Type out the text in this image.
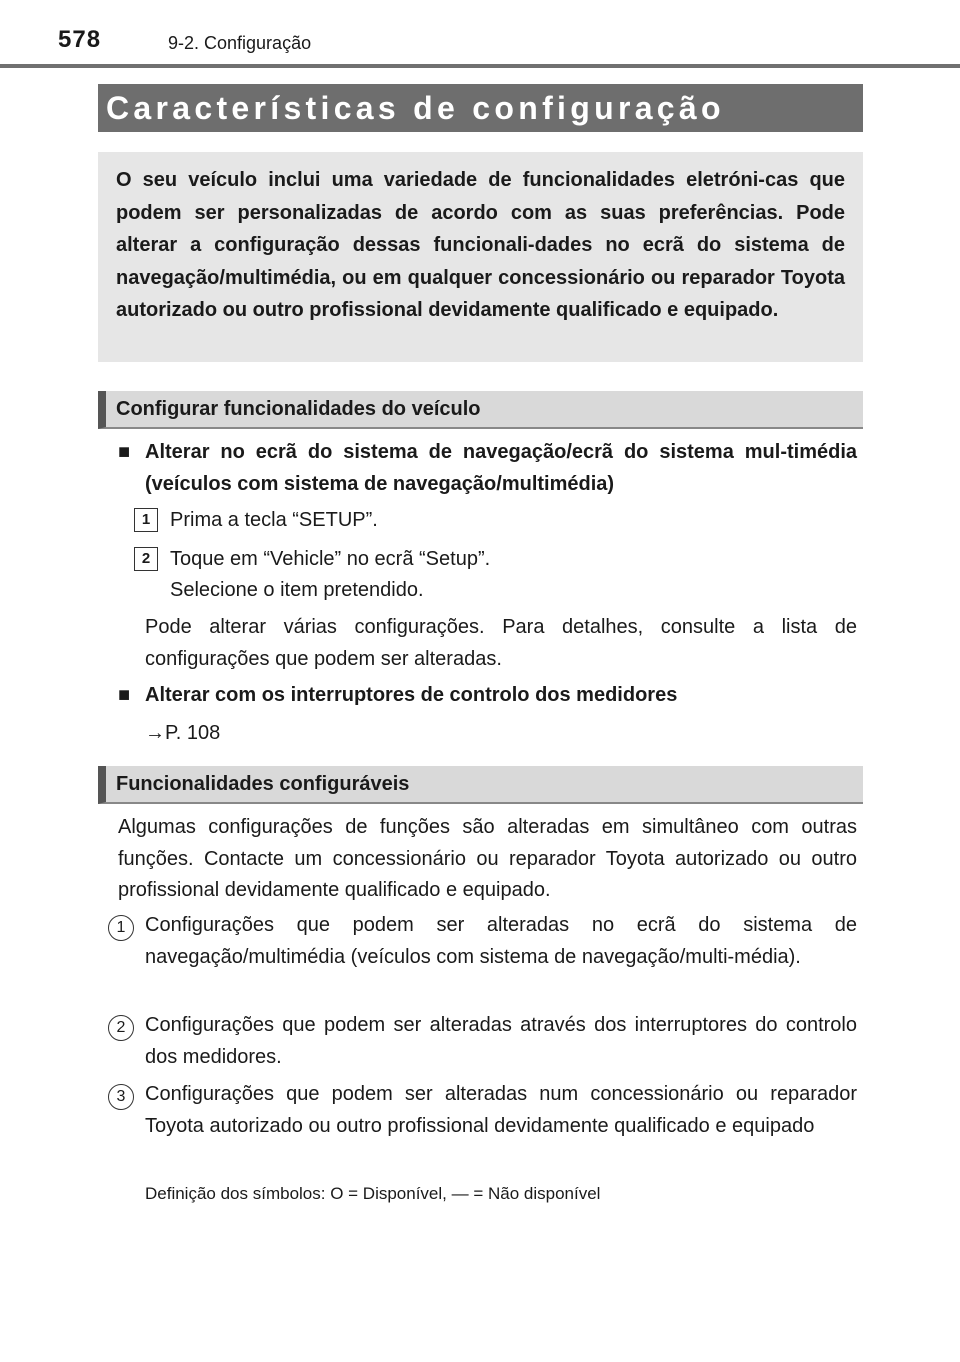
578	9-2. Configuração
Características de configuração

O seu veículo inclui uma variedade de funcionalidades eletróni-cas que podem ser personalizadas de acordo com as suas preferências. Pode alterar a configuração dessas funcionali-dades no ecrã do sistema de navegação/multimédia, ou em qualquer concessionário ou reparador Toyota autorizado ou outro profissional devidamente qualificado e equipado.

Configurar funcionalidades do veículo
■ Alterar no ecrã do sistema de navegação/ecrã do sistema mul-timédia (veículos com sistema de navegação/multimédia)

1 Prima a tecla “SETUP”.

2 Toque em “Vehicle” no ecrã “Setup”.

Selecione o item pretendido.

Pode alterar várias configurações. Para detalhes, consulte a lista de configurações que podem ser alteradas.

■ Alterar com os interruptores de controlo dos medidores

→P. 108

Funcionalidades configuráveis

Algumas configurações de funções são alteradas em simultâneo com outras funções. Contacte um concessionário ou reparador Toyota autorizado ou outro profissional devidamente qualificado e equipado.

1 Configurações que podem ser alteradas no ecrã do sistema de navegação/multimédia (veículos com sistema de navegação/multi-média).

2 Configurações que podem ser alteradas através dos interruptores do controlo dos medidores.

3 Configurações que podem ser alteradas num concessionário ou reparador Toyota autorizado ou outro profissional devidamente qualificado e equipado

Definição dos símbolos: O = Disponível, — = Não disponível
